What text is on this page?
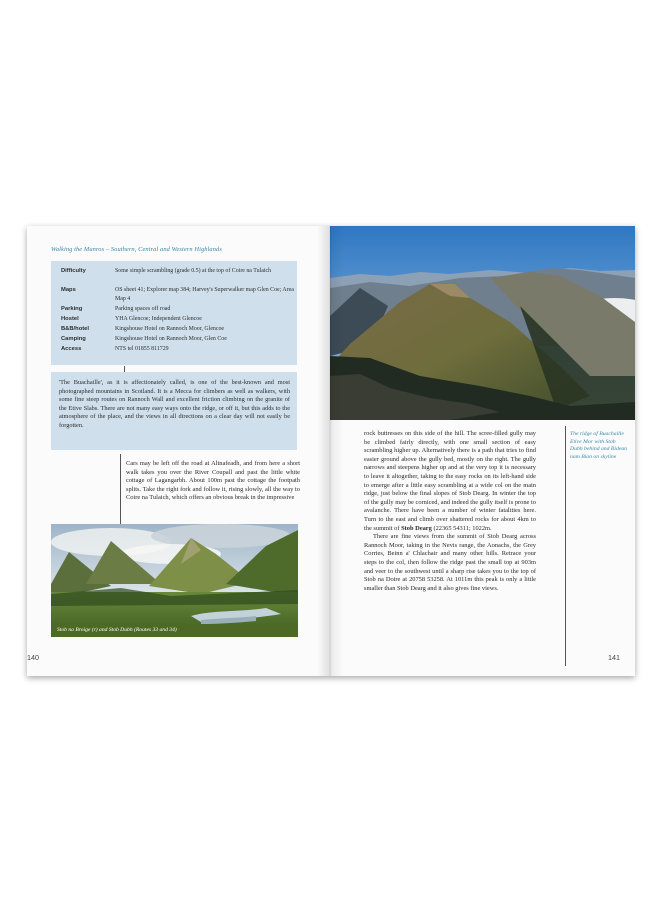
Walking the Munros – Southern, Central and Western Highlands
Difficulty	Some simple scrambling (grade 0.5) at the top of Coire na Tulaich
Maps	OS sheet 41; Explorer map 384; Harvey's Superwalker map Glen Coe; Area Map 4
Parking	Parking spaces off road
Hostel	YHA Glencoe; Independent Glencoe
B&B/hotel	Kingshouse Hotel on Rannoch Moor, Glencoe
Camping	Kingshouse Hotel on Rannoch Moor, Glen Coe
Access	NTS tel 01855 811729
'The Buachaille', as it is affectionately called, is one of the best-known and most photographed mountains in Scotland. It is a Mecca for climbers as well as walkers, with some fine steep routes on Rannoch Wall and excellent friction climbing on the granite of the Etive Slabs. There are not many easy ways onto the ridge, or off it, but this adds to the atmosphere of the place, and the views in all directions on a clear day will not easily be forgotten.
Cars may be left off the road at Altnafeadh, and from here a short walk takes you over the River Coupall and past the little white cottage of Lagangarbh. About 100m past the cottage the footpath splits. Take the right fork and follow it, rising slowly, all the way to Coire na Tulaich, which offers an obvious break in the impressive
Stob na Broige (r) and Stob Dubh (Routes 33 and 34)
140

rock buttresses on this side of the hill. The scree-filled gully may be climbed fairly directly, with one small section of easy scrambling higher up. Alternatively there is a path that tries to find easier ground above the gully bed, mostly on the right. The gully narrows and steepens higher up and at the very top it is necessary to leave it altogether, taking to the easy rocks on its left-hand side to emerge after a little easy scrambling at a wide col on the main ridge, just below the final slopes of Stob Dearg. In winter the top of the gully may be corniced, and indeed the gully itself is prone to avalanche. There have been a number of winter fatalities here. Turn to the east and climb over shattered rocks for about 4km to the summit of Stob Dearg (22365 54311; 1022m.

There are fine views from the summit of Stob Dearg across Rannoch Moor, taking in the Nevis range, the Aonachs, the Grey Corries, Beinn a' Chlachair and many other hills. Retrace your steps to the col, then follow the ridge past the small top at 903m and veer to the southwest until a sharp rise takes you to the top of Stob na Doire at 20758 53258. At 1011m this peak is only a little smaller than Stob Dearg and it also gives fine views.

The ridge of Buachaille Etive Mor with Stob Dubh behind and Bidean nam Bian on skyline
141
